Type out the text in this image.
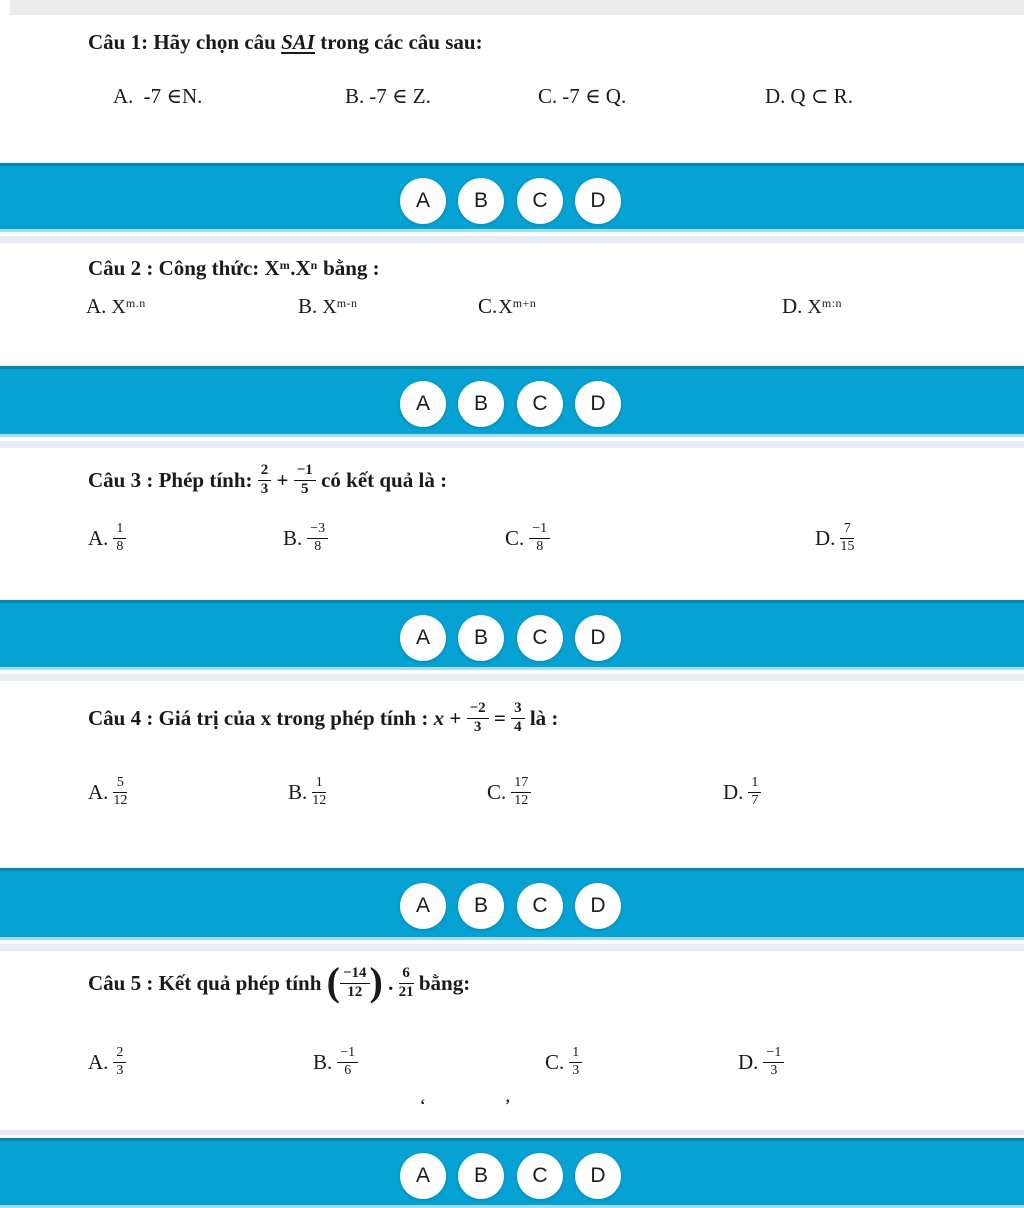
Câu 1: Hãy chọn câu SAI trong các câu sau:
A. -7 ∈N.	B. -7 ∈ Z.	C. -7 ∈ Q.	D. Q ⊂ R.
A	B	C	D
Câu 2 : Công thức: $X^m.X^n$ bằng :
A. $X^{m.n}$	B. $X^{m-n}$	$C.X^{m+n}$	D. $X^{m:n}$
A	B	C	D
Câu 3 : Phép tính: $\frac{2}{3} + \frac{-1}{5}$ có kết quả là :
A. $\frac{1}{8}$	B. $\frac{-3}{8}$	C. $\frac{-1}{8}$	D. $\frac{7}{15}$
A	B	C	D
Câu 4 : Giá trị của x trong phép tính : $x + \frac{-2}{3} = \frac{3}{4}$ là :
A. $\frac{5}{12}$	B. $\frac{1}{12}$	C. $\frac{17}{12}$	D. $\frac{1}{7}$
A	B	C	D
Câu 5 : Kết quả phép tính ( $\frac{-14}{12}$ ) . $\frac{6}{21}$ bằng:
A. $\frac{2}{3}$	B. $\frac{-1}{6}$	C. $\frac{1}{3}$	D. $\frac{-1}{3}$
‘	’
A	B	C	D
